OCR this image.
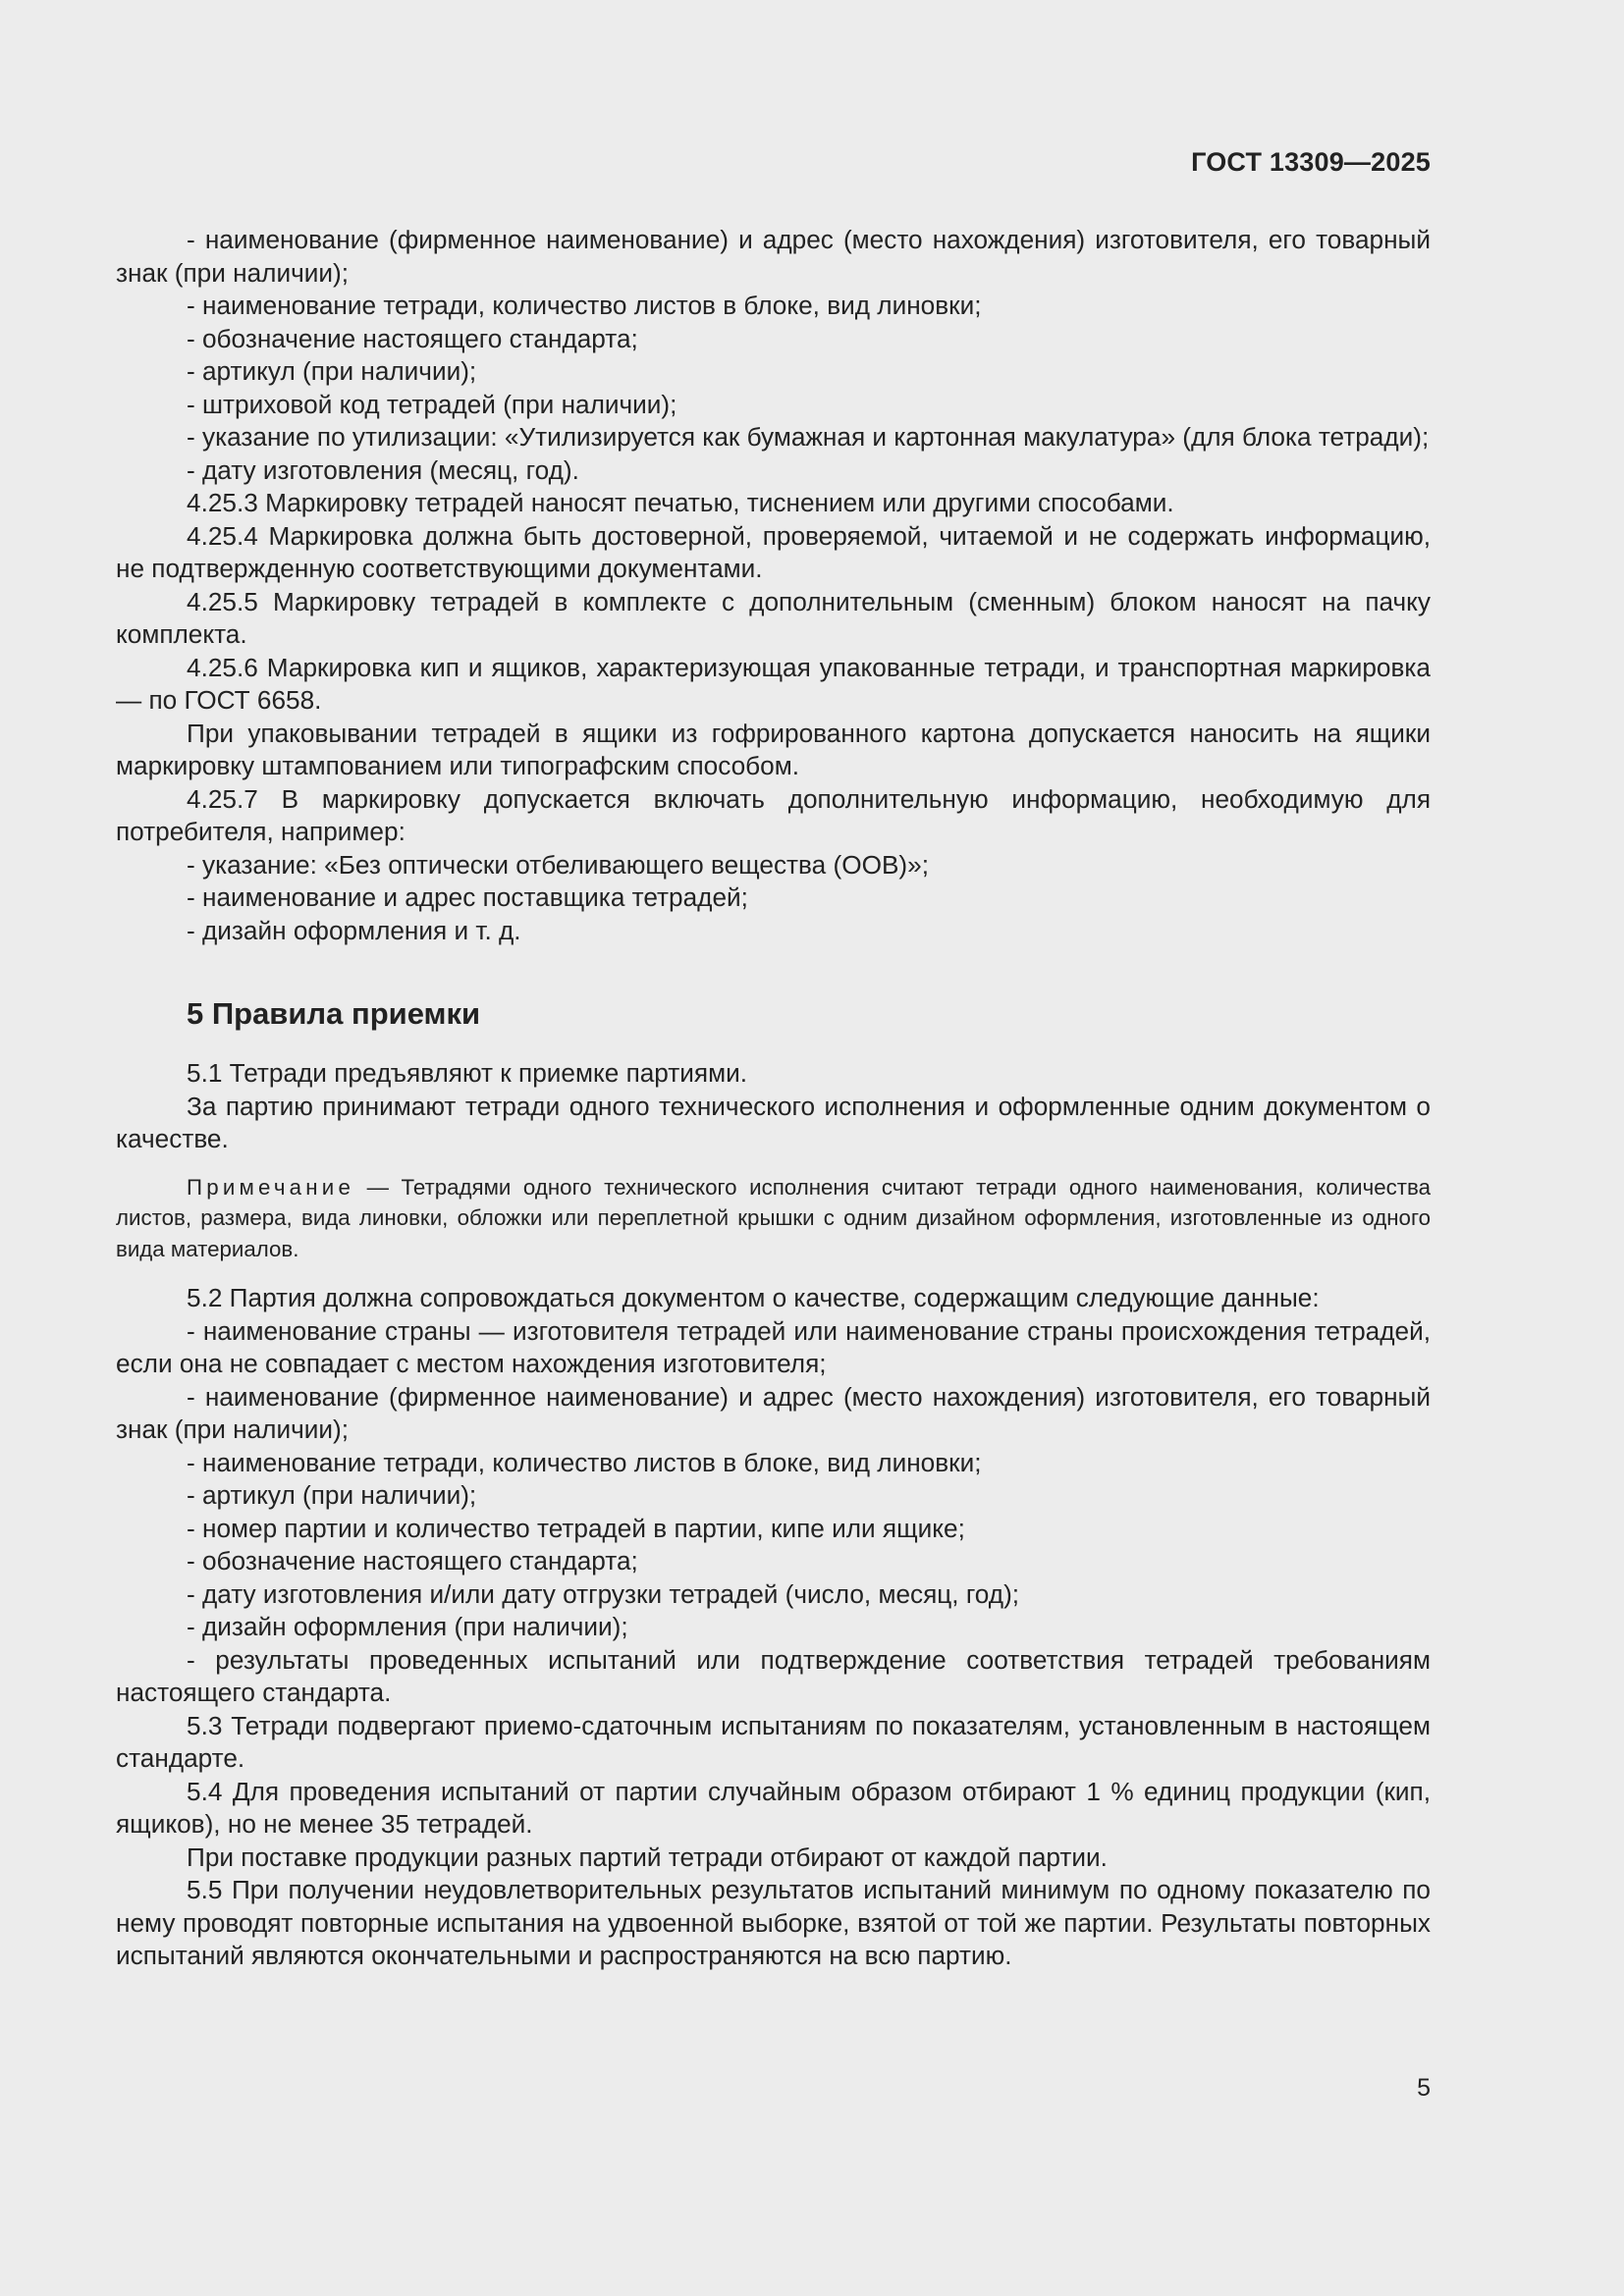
ГОСТ 13309—2025

- наименование (фирменное наименование) и адрес (место нахождения) изготовителя, его товарный знак (при наличии);

- наименование тетради, количество листов в блоке, вид линовки;

- обозначение настоящего стандарта;

- артикул (при наличии);

- штриховой код тетрадей (при наличии);

- указание по утилизации: «Утилизируется как бумажная и картонная макулатура» (для блока тетради);

- дату изготовления (месяц, год).

4.25.3 Маркировку тетрадей наносят печатью, тиснением или другими способами.

4.25.4 Маркировка должна быть достоверной, проверяемой, читаемой и не содержать информацию, не подтвержденную соответствующими документами.

4.25.5 Маркировку тетрадей в комплекте с дополнительным (сменным) блоком наносят на пачку комплекта.

4.25.6 Маркировка кип и ящиков, характеризующая упакованные тетради, и транспортная маркировка — по ГОСТ 6658.

При упаковывании тетрадей в ящики из гофрированного картона допускается наносить на ящики маркировку штампованием или типографским способом.

4.25.7 В маркировку допускается включать дополнительную информацию, необходимую для потребителя, например:

- указание: «Без оптически отбеливающего вещества (ООВ)»;

- наименование и адрес поставщика тетрадей;

- дизайн оформления и т. д.

5 Правила приемки

5.1 Тетради предъявляют к приемке партиями.

За партию принимают тетради одного технического исполнения и оформленные одним документом о качестве.

Примечание — Тетрадями одного технического исполнения считают тетради одного наименования, количества листов, размера, вида линовки, обложки или переплетной крышки с одним дизайном оформления, изготовленные из одного вида материалов.

5.2 Партия должна сопровождаться документом о качестве, содержащим следующие данные:

- наименование страны — изготовителя тетрадей или наименование страны происхождения тетрадей, если она не совпадает с местом нахождения изготовителя;

- наименование (фирменное наименование) и адрес (место нахождения) изготовителя, его товарный знак (при наличии);

- наименование тетради, количество листов в блоке, вид линовки;

- артикул (при наличии);

- номер партии и количество тетрадей в партии, кипе или ящике;

- обозначение настоящего стандарта;

- дату изготовления и/или дату отгрузки тетрадей (число, месяц, год);

- дизайн оформления (при наличии);

- результаты проведенных испытаний или подтверждение соответствия тетрадей требованиям настоящего стандарта.

5.3 Тетради подвергают приемо-сдаточным испытаниям по показателям, установленным в настоящем стандарте.

5.4 Для проведения испытаний от партии случайным образом отбирают 1 % единиц продукции (кип, ящиков), но не менее 35 тетрадей.

При поставке продукции разных партий тетради отбирают от каждой партии.

5.5 При получении неудовлетворительных результатов испытаний минимум по одному показателю по нему проводят повторные испытания на удвоенной выборке, взятой от той же партии. Результаты повторных испытаний являются окончательными и распространяются на всю партию.

5
